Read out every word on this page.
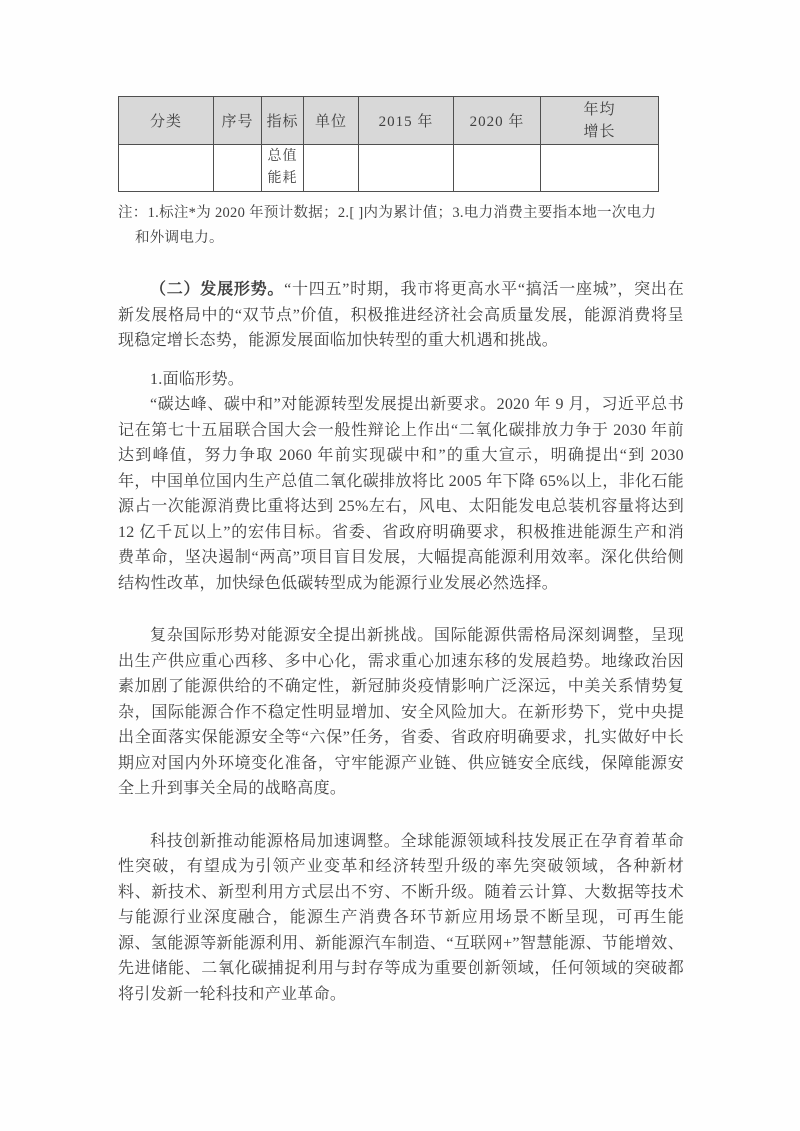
分类	序号	指标	单位	2015 年	2020 年	年均
增长

		总值
能耗				

注：1.标注*为 2020 年预计数据；2.[ ]内为累计值；3.电力消费主要指本地一次电力
和外调电力。

（二）发展形势。“十四五”时期，我市将更高水平“搞活一座城”，突出在新发展格局中的“双节点”价值，积极推进经济社会高质量发展，能源消费将呈现稳定增长态势，能源发展面临加快转型的重大机遇和挑战。

1.面临形势。

“碳达峰、碳中和”对能源转型发展提出新要求。2020 年 9 月，习近平总书记在第七十五届联合国大会一般性辩论上作出“二氧化碳排放力争于 2030 年前达到峰值，努力争取 2060 年前实现碳中和”的重大宣示，明确提出“到 2030 年，中国单位国内生产总值二氧化碳排放将比 2005 年下降 65%以上，非化石能源占一次能源消费比重将达到 25%左右，风电、太阳能发电总装机容量将达到 12 亿千瓦以上”的宏伟目标。省委、省政府明确要求，积极推进能源生产和消费革命，坚决遏制“两高”项目盲目发展，大幅提高能源利用效率。深化供给侧结构性改革，加快绿色低碳转型成为能源行业发展必然选择。

复杂国际形势对能源安全提出新挑战。国际能源供需格局深刻调整，呈现出生产供应重心西移、多中心化，需求重心加速东移的发展趋势。地缘政治因素加剧了能源供给的不确定性，新冠肺炎疫情影响广泛深远，中美关系情势复杂，国际能源合作不稳定性明显增加、安全风险加大。在新形势下，党中央提出全面落实保能源安全等“六保”任务，省委、省政府明确要求，扎实做好中长期应对国内外环境变化准备，守牢能源产业链、供应链安全底线，保障能源安全上升到事关全局的战略高度。

科技创新推动能源格局加速调整。全球能源领域科技发展正在孕育着革命性突破，有望成为引领产业变革和经济转型升级的率先突破领域，各种新材料、新技术、新型利用方式层出不穷、不断升级。随着云计算、大数据等技术与能源行业深度融合，能源生产消费各环节新应用场景不断呈现，可再生能源、氢能源等新能源利用、新能源汽车制造、“互联网+”智慧能源、节能增效、先进储能、二氧化碳捕捉利用与封存等成为重要创新领域，任何领域的突破都将引发新一轮科技和产业革命。
